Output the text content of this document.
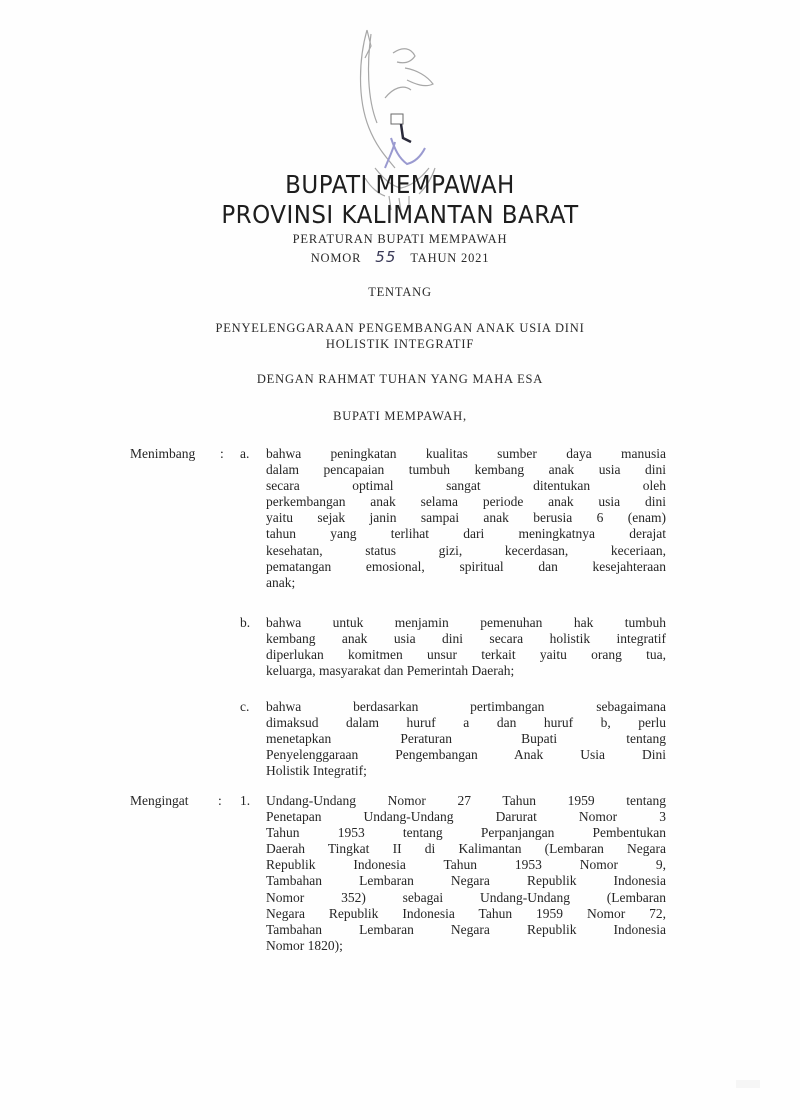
BUPATI MEMPAWAH
PROVINSI KALIMANTAN BARAT
PERATURAN BUPATI MEMPAWAH
NOMOR 55 TAHUN 2021
TENTANG
PENYELENGGARAAN PENGEMBANGAN ANAK USIA DINI
HOLISTIK INTEGRATIF
DENGAN RAHMAT TUHAN YANG MAHA ESA
BUPATI MEMPAWAH,
Menimbang : a.	bahwa peningkatan kualitas sumber daya manusia
dalam pencapaian tumbuh kembang anak usia dini
secara optimal sangat ditentukan oleh
perkembangan anak selama periode anak usia dini
yaitu sejak janin sampai anak berusia 6 (enam)
tahun yang terlihat dari meningkatnya derajat
kesehatan, status gizi, kecerdasan, keceriaan,
pematangan emosional, spiritual dan kesejahteraan
anak;
b.	bahwa untuk menjamin pemenuhan hak tumbuh
kembang anak usia dini secara holistik integratif
diperlukan komitmen unsur terkait yaitu orang tua,
keluarga, masyarakat dan Pemerintah Daerah;
c.	bahwa berdasarkan pertimbangan sebagaimana
dimaksud dalam huruf a dan huruf b, perlu
menetapkan Peraturan Bupati tentang
Penyelenggaraan Pengembangan Anak Usia Dini
Holistik Integratif;
Mengingat : 1.	Undang-Undang Nomor 27 Tahun 1959 tentang
Penetapan Undang-Undang Darurat Nomor 3
Tahun 1953 tentang Perpanjangan Pembentukan
Daerah Tingkat II di Kalimantan (Lembaran Negara
Republik Indonesia Tahun 1953 Nomor 9,
Tambahan Lembaran Negara Republik Indonesia
Nomor 352) sebagai Undang-Undang (Lembaran
Negara Republik Indonesia Tahun 1959 Nomor 72,
Tambahan Lembaran Negara Republik Indonesia
Nomor 1820);
